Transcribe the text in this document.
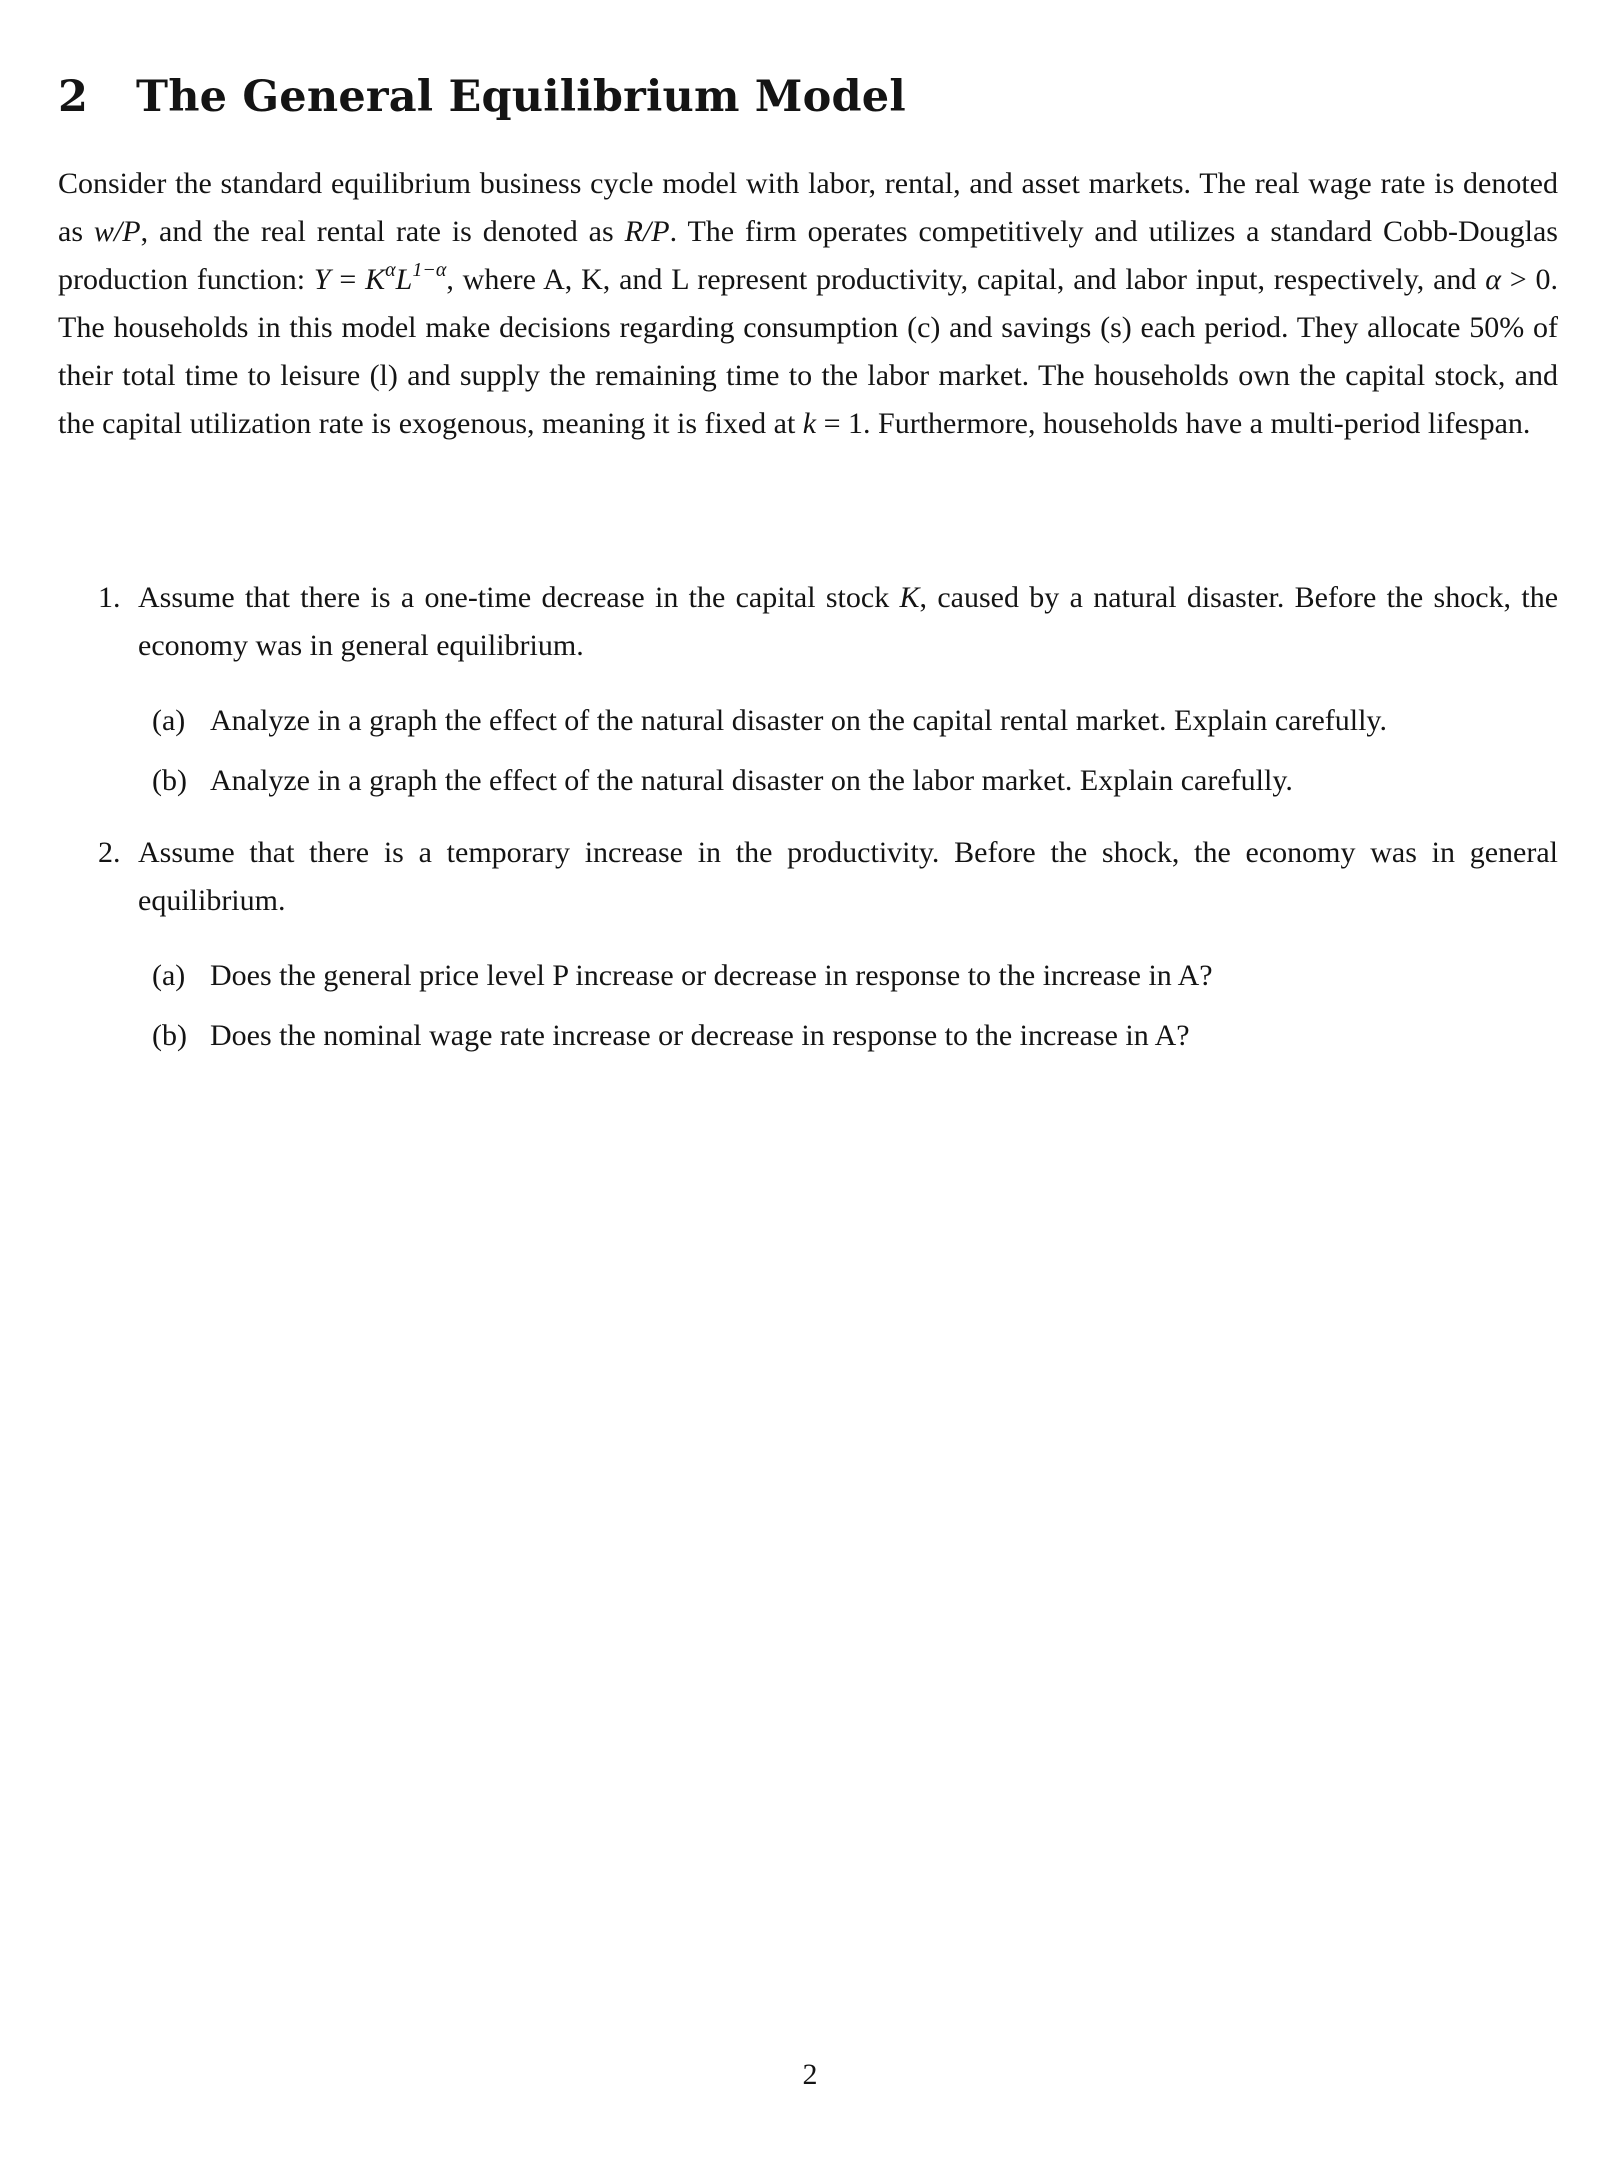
2 The General Equilibrium Model

Consider the standard equilibrium business cycle model with labor, rental, and asset markets. The real wage rate is denoted as w/P, and the real rental rate is denoted as R/P. The firm operates competitively and utilizes a standard Cobb-Douglas production function: $Y = K^\alpha L^{1-\alpha}$, where A, K, and L represent productivity, capital, and labor input, respectively, and α > 0. The households in this model make decisions regarding consumption (c) and savings (s) each period. They allocate 50% of their total time to leisure (l) and supply the remaining time to the labor market. The households own the capital stock, and the capital utilization rate is exogenous, meaning it is fixed at k = 1. Furthermore, households have a multi-period lifespan.

1. Assume that there is a one-time decrease in the capital stock K, caused by a natural disaster. Before the shock, the economy was in general equilibrium.
(a) Analyze in a graph the effect of the natural disaster on the capital rental market. Explain carefully.
(b) Analyze in a graph the effect of the natural disaster on the labor market. Explain carefully.
2. Assume that there is a temporary increase in the productivity. Before the shock, the economy was in general equilibrium.
(a) Does the general price level P increase or decrease in response to the increase in A?
(b) Does the nominal wage rate increase or decrease in response to the increase in A?
2
